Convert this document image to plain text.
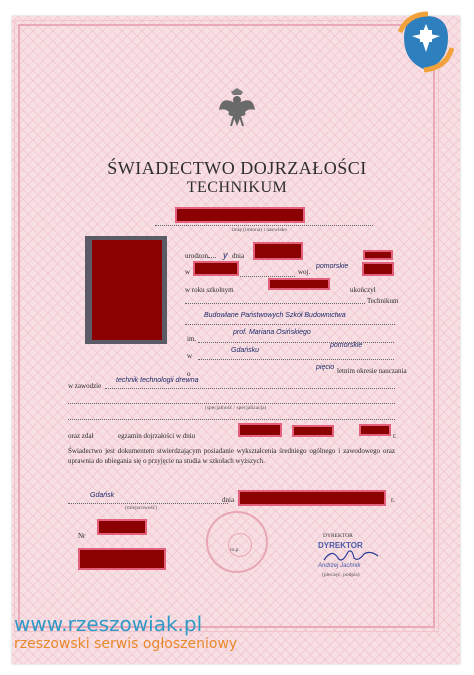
ŚWIADECTWO DOJRZAŁOŚCI
TECHNIKUM
imię (imiona) i nazwisko
urodzon	y dnia
w	woj.
pomorskie
w roku szkolnym	ukończył
Technikum
Budowlane Państwowych Szkół Budownictwa
im.
prof. Mariana Osińskiego
w
Gdańsku
pomorskie
o
pięcio letnim okresie nauczania
w zawodzie
technik technologii drewna
(specjalność / specjalizacja)
oraz zdał	egzamin dojrzałości w dniu	r.
Świadectwo jest dokumentem stwierdzającym posiadanie wykształcenia średniego ogólnego i zawodowego oraz uprawnia do ubiegania się o przyjęcie na studia w szkołach wyższych.
Gdańsk
(miejscowość)
dnia	r.
Nr
m.p.
DYREKTOR
DYREKTOR
Andrzej Jachnik
(pieczęć, podpis)
www.rzeszowiak.pl
rzeszowski serwis ogłoszeniowy
